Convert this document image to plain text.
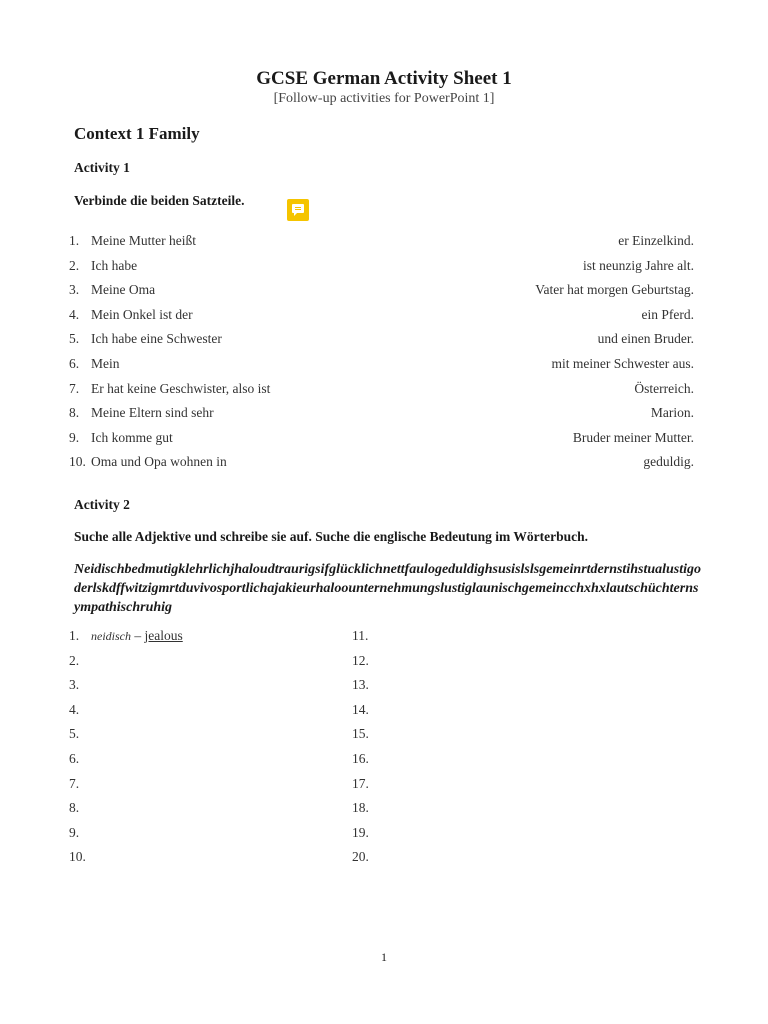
GCSE German Activity Sheet 1
[Follow-up activities for PowerPoint 1]
Context 1 Family
Activity 1
Verbinde die beiden Satzteile.
1. Meine Mutter heißt	er Einzelkind.
2. Ich habe	ist neunzig Jahre alt.
3. Meine Oma	Vater hat morgen Geburtstag.
4. Mein Onkel ist der	ein Pferd.
5. Ich habe eine Schwester	und einen Bruder.
6. Mein	mit meiner Schwester aus.
7. Er hat keine Geschwister, also ist	Österreich.
8. Meine Eltern sind sehr	Marion.
9. Ich komme gut	Bruder meiner Mutter.
10. Oma und Opa wohnen in	geduldig.
Activity 2
Suche alle Adjektive und schreibe sie auf. Suche die englische Bedeutung im Wörterbuch.
Neidischbedmutigklehrlichjhaloudtraurigsifglücklichnettfaulogeduldighsusislslsgemeinrtdernstihstualustigoderlskdffwitzigmrtduvivosportlichajakieurhaloounternehmungslustiglaunischgemeincchxhxlautschüchternsympathischruhig
1. neidisch – jealous
2.
3.
4.
5.
6.
7.
8.
9.
10.
11.
12.
13.
14.
15.
16.
17.
18.
19.
20.
1
